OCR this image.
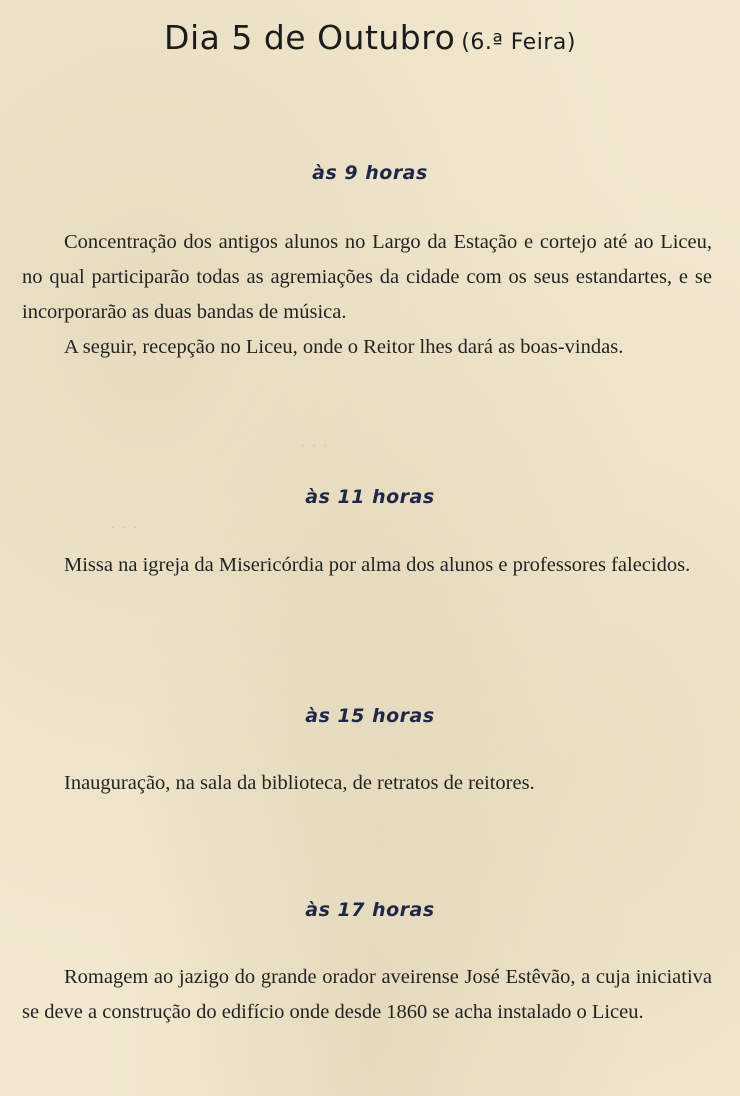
· · ·
· · ·
Dia 5 de Outubro (6.ª Feira)
às 9 horas

Concentração dos antigos alunos no Largo da Estação e cortejo até ao Liceu, no qual participarão todas as agremiações da cidade com os seus estandartes, e se incorporarão as duas bandas de música.

A seguir, recepção no Liceu, onde o Reitor lhes dará as boas-vindas.

às 11 horas

Missa na igreja da Misericórdia por alma dos alunos e professores falecidos.

às 15 horas

Inauguração, na sala da biblioteca, de retratos de reitores.

às 17 horas

Romagem ao jazigo do grande orador aveirense José Estêvão, a cuja iniciativa se deve a construção do edifício onde desde 1860 se acha instalado o Liceu.
